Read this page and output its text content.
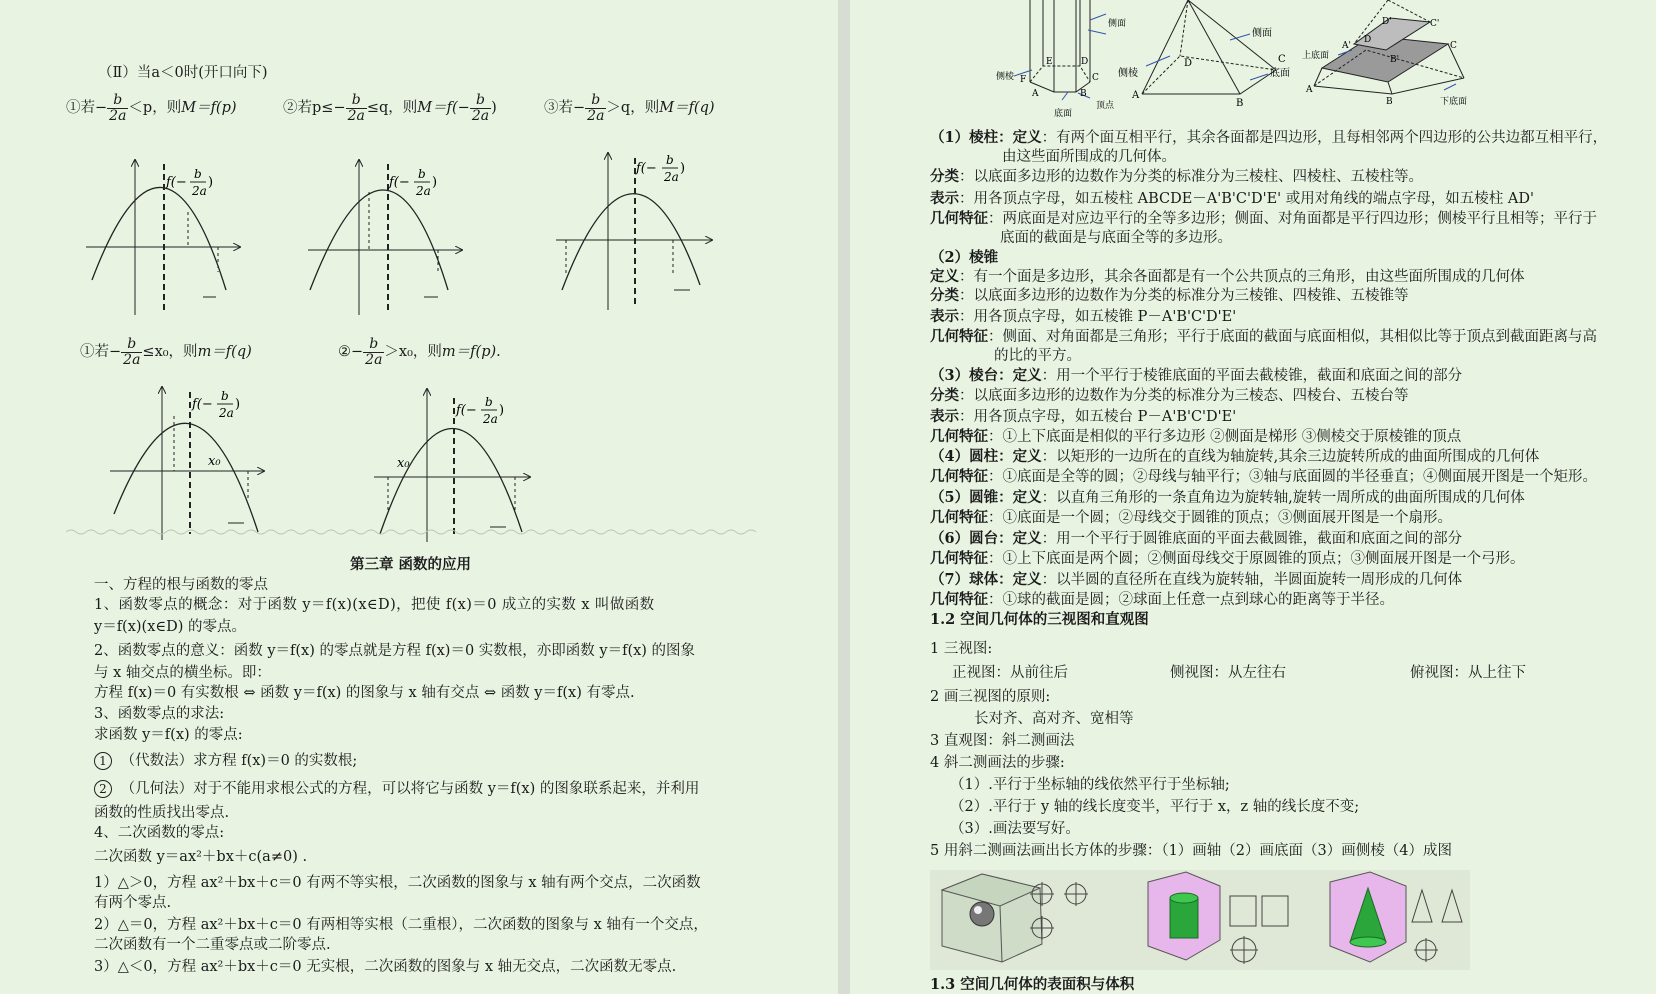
（Ⅱ）当a＜0时(开口向下)
①若− $\frac{b}{2a} <p$，则M＝f(p)	②若$p\le- \frac{b}{2a} \le q$，则$M=f(- \frac{b}{2a}$ )	③若− $\frac{b}{2a} >q$，则M＝f(q)
f(−
b
2a
)	f(−
b
2a
)
f(−
b
2a
)
①若− $\frac{b}{2a} \le x_0$，则m＝f(q)	②− $\frac{b}{2a} >x_0$，则m＝f(p).
x₀
f(−
b
2a
)
x₀
f(−
b
2a
)
第三章 函数的应用
一、方程的根与函数的零点
1、函数零点的概念：对于函数 y＝f(x)(x∈D)，把使 f(x)＝0 成立的实数 x 叫做函数
y＝f(x)(x∈D) 的零点。
2、函数零点的意义：函数 y＝f(x) 的零点就是方程 f(x)＝0 实数根，亦即函数 y＝f(x) 的图象
与 x 轴交点的横坐标。即：
方程 f(x)＝0 有实数根 ⇔ 函数 y＝f(x) 的图象与 x 轴有交点 ⇔ 函数 y＝f(x) 有零点.
3、函数零点的求法:
求函数 y＝f(x) 的零点:
1 （代数法）求方程 f(x)＝0 的实数根;
2 （几何法）对于不能用求根公式的方程，可以将它与函数 y＝f(x) 的图象联系起来，并利用
函数的性质找出零点.
4、二次函数的零点:
二次函数 y＝ax²＋bx＋c(a≠0) .
1）△＞0，方程 ax²＋bx＋c＝0 有两不等实根，二次函数的图象与 x 轴有两个交点，二次函数
有两个零点.
2）△＝0，方程 ax²＋bx＋c＝0 有两相等实根（二重根），二次函数的图象与 x 轴有一个交点，
二次函数有一个二重零点或二阶零点.
3）△＜0，方程 ax²＋bx＋c＝0 无实根，二次函数的图象与 x 轴无交点，二次函数无零点.
侧面
侧棱 F
E	D
A	B
C
底面
顶点
侧面
侧棱
D	C
底面
A
B
D'	C'
上底面
A'
D
B'
C
A
B	下底面
（1）棱柱：定义：有两个面互相平行，其余各面都是四边形，且每相邻两个四边形的公共边都互相平行，
由这些面所围成的几何体。
分类：以底面多边形的边数作为分类的标准分为三棱柱、四棱柱、五棱柱等。
表示：用各顶点字母，如五棱柱 ABCDE－A'B'C'D'E' 或用对角线的端点字母，如五棱柱 AD'
几何特征：两底面是对应边平行的全等多边形；侧面、对角面都是平行四边形；侧棱平行且相等；平行于
底面的截面是与底面全等的多边形。
（2）棱锥
定义：有一个面是多边形，其余各面都是有一个公共顶点的三角形，由这些面所围成的几何体
分类：以底面多边形的边数作为分类的标准分为三棱锥、四棱锥、五棱锥等
表示：用各顶点字母，如五棱锥 P－A'B'C'D'E'
几何特征：侧面、对角面都是三角形；平行于底面的截面与底面相似，其相似比等于顶点到截面距离与高
的比的平方。
（3）棱台：定义：用一个平行于棱锥底面的平面去截棱锥，截面和底面之间的部分
分类：以底面多边形的边数作为分类的标准分为三棱态、四棱台、五棱台等
表示：用各顶点字母，如五棱台 P－A'B'C'D'E'
几何特征：①上下底面是相似的平行多边形 ②侧面是梯形 ③侧棱交于原棱锥的顶点
（4）圆柱：定义：以矩形的一边所在的直线为轴旋转,其余三边旋转所成的曲面所围成的几何体
几何特征：①底面是全等的圆；②母线与轴平行；③轴与底面圆的半径垂直；④侧面展开图是一个矩形。
（5）圆锥：定义：以直角三角形的一条直角边为旋转轴,旋转一周所成的曲面所围成的几何体
几何特征：①底面是一个圆；②母线交于圆锥的顶点；③侧面展开图是一个扇形。
（6）圆台：定义：用一个平行于圆锥底面的平面去截圆锥，截面和底面之间的部分
几何特征：①上下底面是两个圆；②侧面母线交于原圆锥的顶点；③侧面展开图是一个弓形。
（7）球体：定义：以半圆的直径所在直线为旋转轴，半圆面旋转一周形成的几何体
几何特征：①球的截面是圆；②球面上任意一点到球心的距离等于半径。
1.2 空间几何体的三视图和直观图
1 三视图:
正视图：从前往后	侧视图：从左往右	俯视图：从上往下
2 画三视图的原则:
长对齐、高对齐、宽相等
3 直观图：斜二测画法
4 斜二测画法的步骤:
（1）.平行于坐标轴的线依然平行于坐标轴;
（2）.平行于 y 轴的线长度变半，平行于 x，z 轴的线长度不变;
（3）.画法要写好。
5 用斜二测画法画出长方体的步骤：（1）画轴（2）画底面（3）画侧棱（4）成图
1.3 空间几何体的表面积与体积
